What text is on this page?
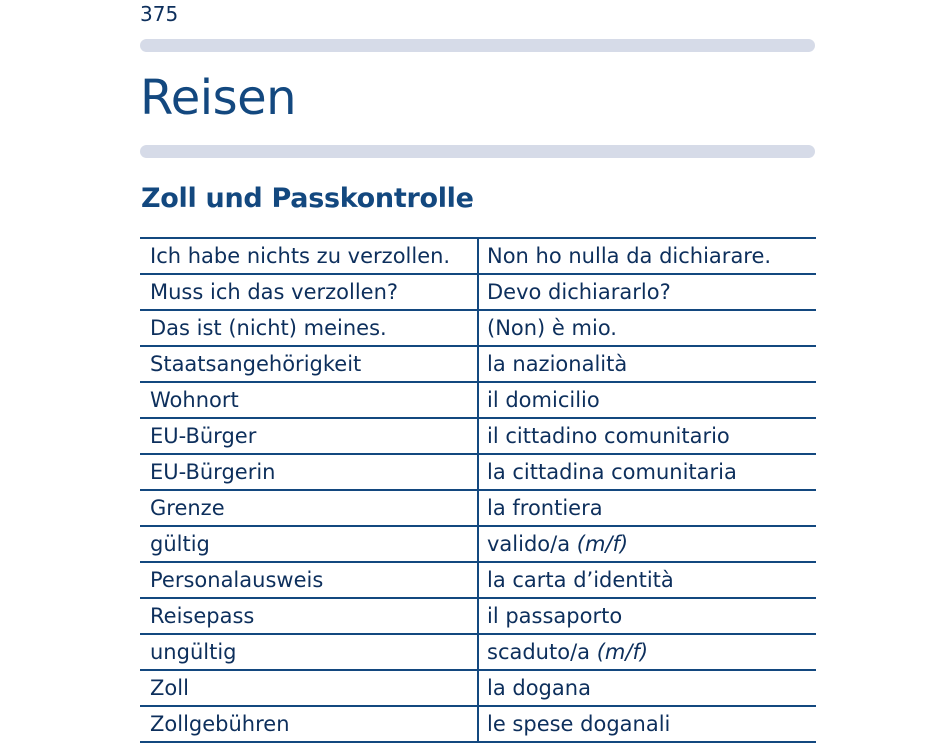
375
Reisen
Zoll und Passkontrolle
Ich habe nichts zu verzollen.	Non ho nulla da dichiarare.
Muss ich das verzollen?	Devo dichiararlo?
Das ist (nicht) meines.	(Non) è mio.
Staatsangehörigkeit	la nazionalità
Wohnort	il domicilio
EU-Bürger	il cittadino comunitario
EU-Bürgerin	la cittadina comunitaria
Grenze	la frontiera
gültig	valido/a (m/f)
Personalausweis	la carta d’identità
Reisepass	il passaporto
ungültig	scaduto/a (m/f)
Zoll	la dogana
Zollgebühren	le spese doganali
